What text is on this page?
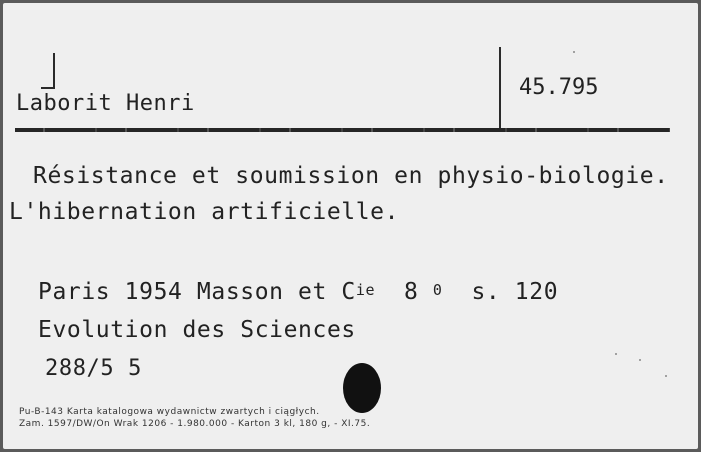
Laborit Henri
45.795
Résistance et soumission en physio-biologie.
L'hibernation artificielle.
Paris 1954 Masson et $C^{ie}$ 8 $^0$ s. 120
Evolution des Sciences
288/5 5
Pu-B-143 Karta katalogowa wydawnictw zwartych i ciągłych.
Zam. 1597/DW/On Wrak 1206 - 1.980.000 - Karton 3 kl, 180 g, - XI.75.
